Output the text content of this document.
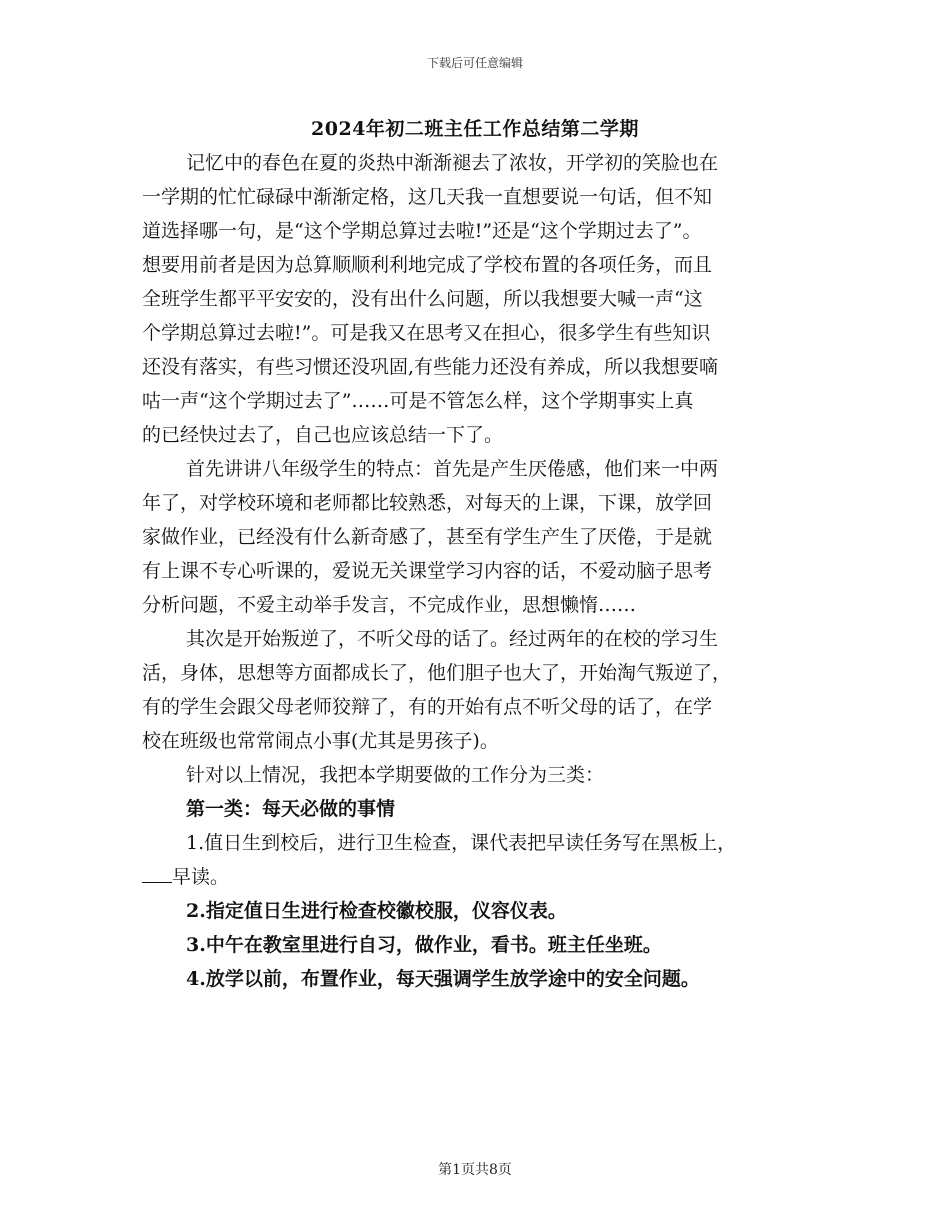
下载后可任意编辑
2024年初二班主任工作总结第二学期
记忆中的春色在夏的炎热中渐渐褪去了浓妆，开学初的笑脸也在
一学期的忙忙碌碌中渐渐定格，这几天我一直想要说一句话，但不知
道选择哪一句，是“这个学期总算过去啦!”还是“这个学期过去了”。
想要用前者是因为总算顺顺利利地完成了学校布置的各项任务，而且
全班学生都平平安安的，没有出什么问题，所以我想要大喊一声“这
个学期总算过去啦!”。可是我又在思考又在担心，很多学生有些知识
还没有落实，有些习惯还没巩固,有些能力还没有养成，所以我想要嘀
咕一声“这个学期过去了”……可是不管怎么样，这个学期事实上真
的已经快过去了，自己也应该总结一下了。
首先讲讲八年级学生的特点：首先是产生厌倦感，他们来一中两
年了，对学校环境和老师都比较熟悉，对每天的上课，下课，放学回
家做作业，已经没有什么新奇感了，甚至有学生产生了厌倦，于是就
有上课不专心听课的，爱说无关课堂学习内容的话，不爱动脑子思考
分析问题，不爱主动举手发言，不完成作业，思想懒惰……
其次是开始叛逆了，不听父母的话了。经过两年的在校的学习生
活，身体，思想等方面都成长了，他们胆子也大了，开始淘气叛逆了，
有的学生会跟父母老师狡辩了，有的开始有点不听父母的话了，在学
校在班级也常常闹点小事(尤其是男孩子)。
针对以上情况，我把本学期要做的工作分为三类：
第一类：每天必做的事情
1.值日生到校后，进行卫生检查，课代表把早读任务写在黑板上，
早读。
2.指定值日生进行检查校徽校服，仪容仪表。
3.中午在教室里进行自习，做作业，看书。班主任坐班。
4.放学以前，布置作业，每天强调学生放学途中的安全问题。
第1页共8页
